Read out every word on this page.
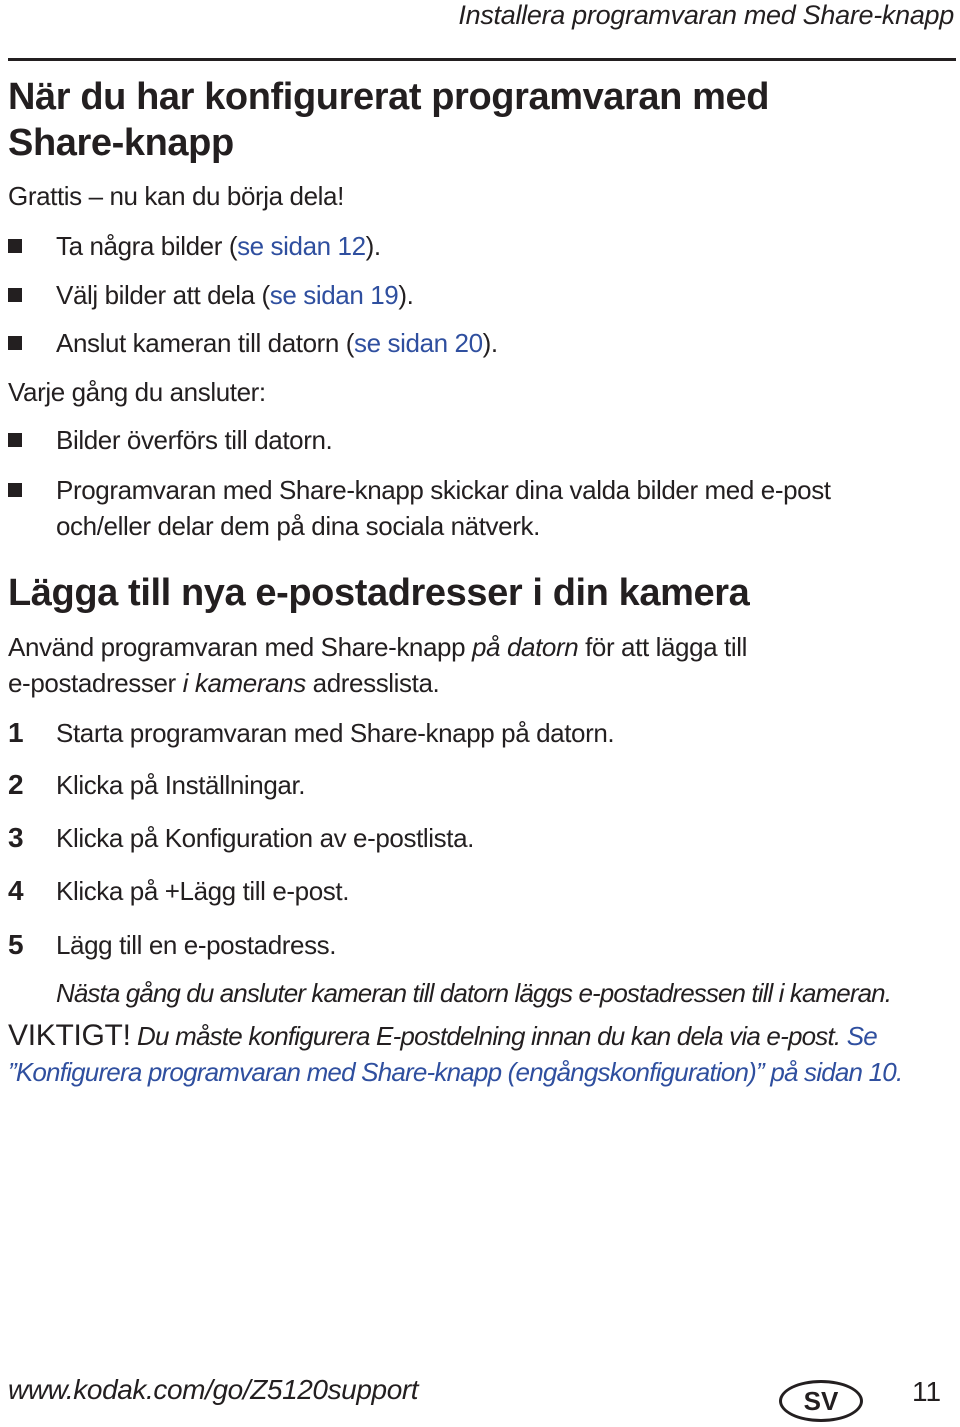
Installera programvaran med Share-knapp
När du har konfigurerat programvaran med
Share-knapp
Grattis – nu kan du börja dela!
Ta några bilder (se sidan 12).
Välj bilder att dela (se sidan 19).
Anslut kameran till datorn (se sidan 20).
Varje gång du ansluter:
Bilder överförs till datorn.
Programvaran med Share-knapp skickar dina valda bilder med e-post
och/eller delar dem på dina sociala nätverk.
Lägga till nya e-postadresser i din kamera
Använd programvaran med Share-knapp på datorn för att lägga till
e-postadresser i kamerans adresslista.
1 Starta programvaran med Share-knapp på datorn.
2 Klicka på Inställningar.
3 Klicka på Konfiguration av e-postlista.
4 Klicka på +Lägg till e-post.
5 Lägg till en e-postadress.
Nästa gång du ansluter kameran till datorn läggs e-postadressen till i kameran.
VIKTIGT! Du måste konfigurera E-postdelning innan du kan dela via e-post. Se
”Konfigurera programvaran med Share-knapp (engångskonfiguration)” på sidan 10.
www.kodak.com/go/Z5120support	SV	11
